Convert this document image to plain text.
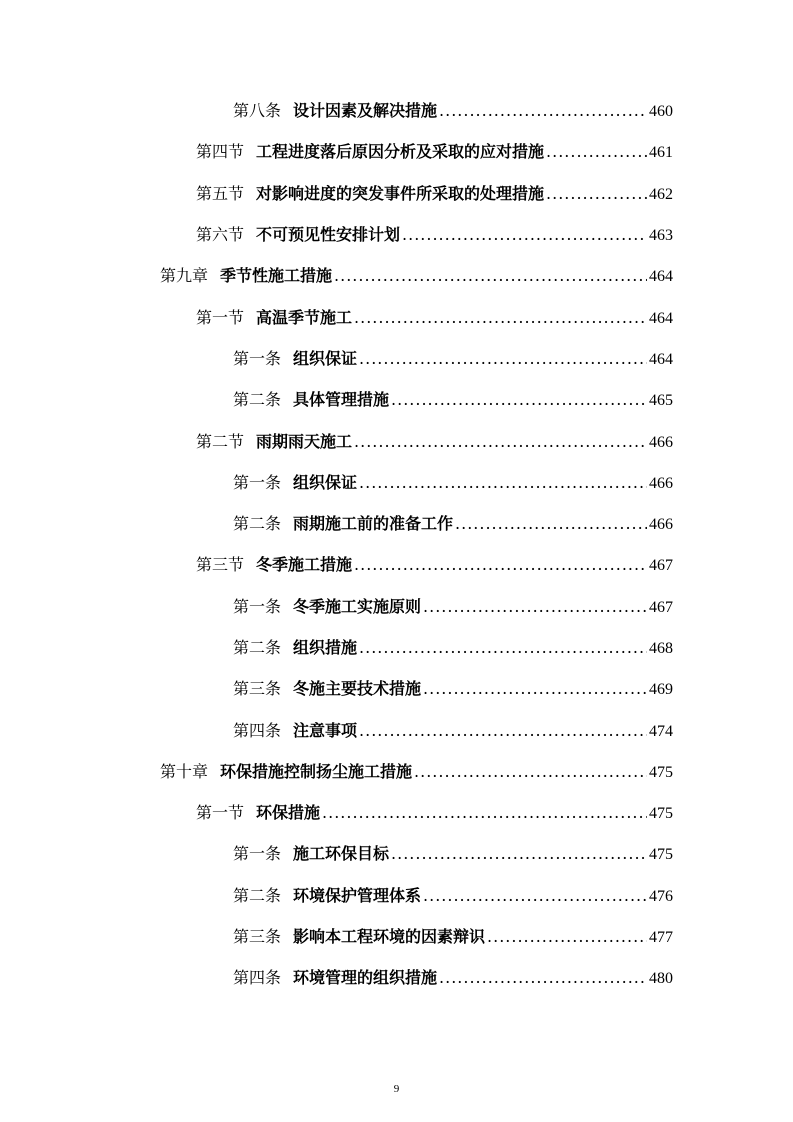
第八条 设计因素及解决措施 .....	460
第四节 工程进度落后原因分析及采取的应对措施 .....	461
第五节 对影响进度的突发事件所采取的处理措施 .....	462
第六节 不可预见性安排计划 .....	463
第九章 季节性施工措施 .....	464
第一节 高温季节施工 .....	464
第一条 组织保证 .....	464
第二条 具体管理措施 .....	465
第二节 雨期雨天施工 .....	466
第一条 组织保证 .....	466
第二条 雨期施工前的准备工作 .....	466
第三节 冬季施工措施 .....	467
第一条 冬季施工实施原则 .....	467
第二条 组织措施 .....	468
第三条 冬施主要技术措施 .....	469
第四条 注意事项 .....	474
第十章 环保措施控制扬尘施工措施 .....	475
第一节 环保措施 .....	475
第一条 施工环保目标 .....	475
第二条 环境保护管理体系 .....	476
第三条 影响本工程环境的因素辩识 .....	477
第四条 环境管理的组织措施 .....	480
9
